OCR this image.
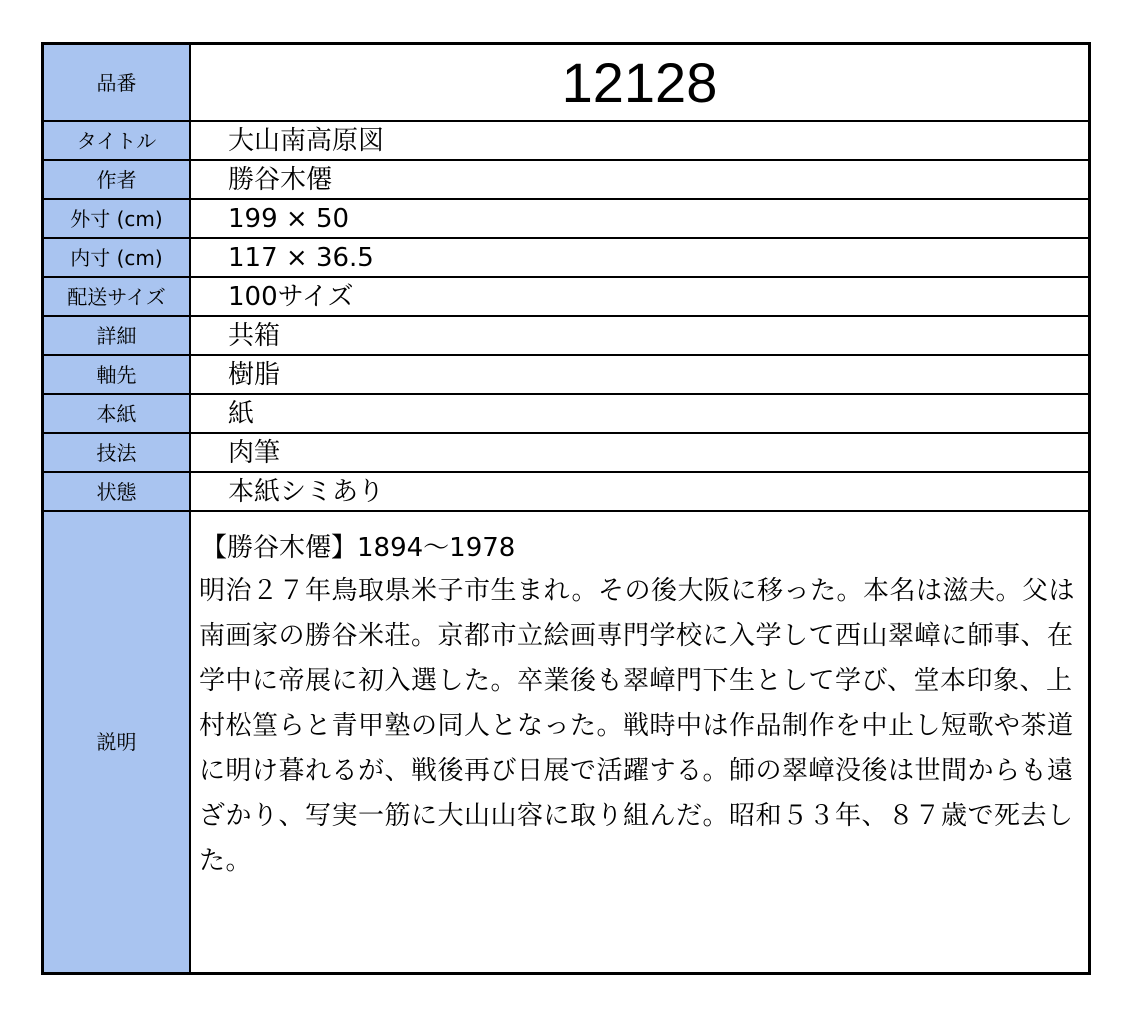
品番	12128
タイトル	大山南高原図
作者	勝谷木僊
外寸 (cm)	199 × 50
内寸 (cm)	117 × 36.5
配送サイズ	100サイズ
詳細	共箱
軸先	樹脂
本紙	紙
技法	肉筆
状態	本紙シミあり
説明	【勝谷木僊】1894～1978
明治２７年鳥取県米子市生まれ。その後大阪に移った。本名は滋夫。父は南画家の勝谷米荘。京都市立絵画専門学校に入学して西山翠嶂に師事、在学中に帝展に初入選した。卒業後も翠嶂門下生として学び、堂本印象、上村松篁らと青甲塾の同人となった。戦時中は作品制作を中止し短歌や茶道に明け暮れるが、戦後再び日展で活躍する。師の翠嶂没後は世間からも遠ざかり、写実一筋に大山山容に取り組んだ。昭和５３年、８７歳で死去した。
